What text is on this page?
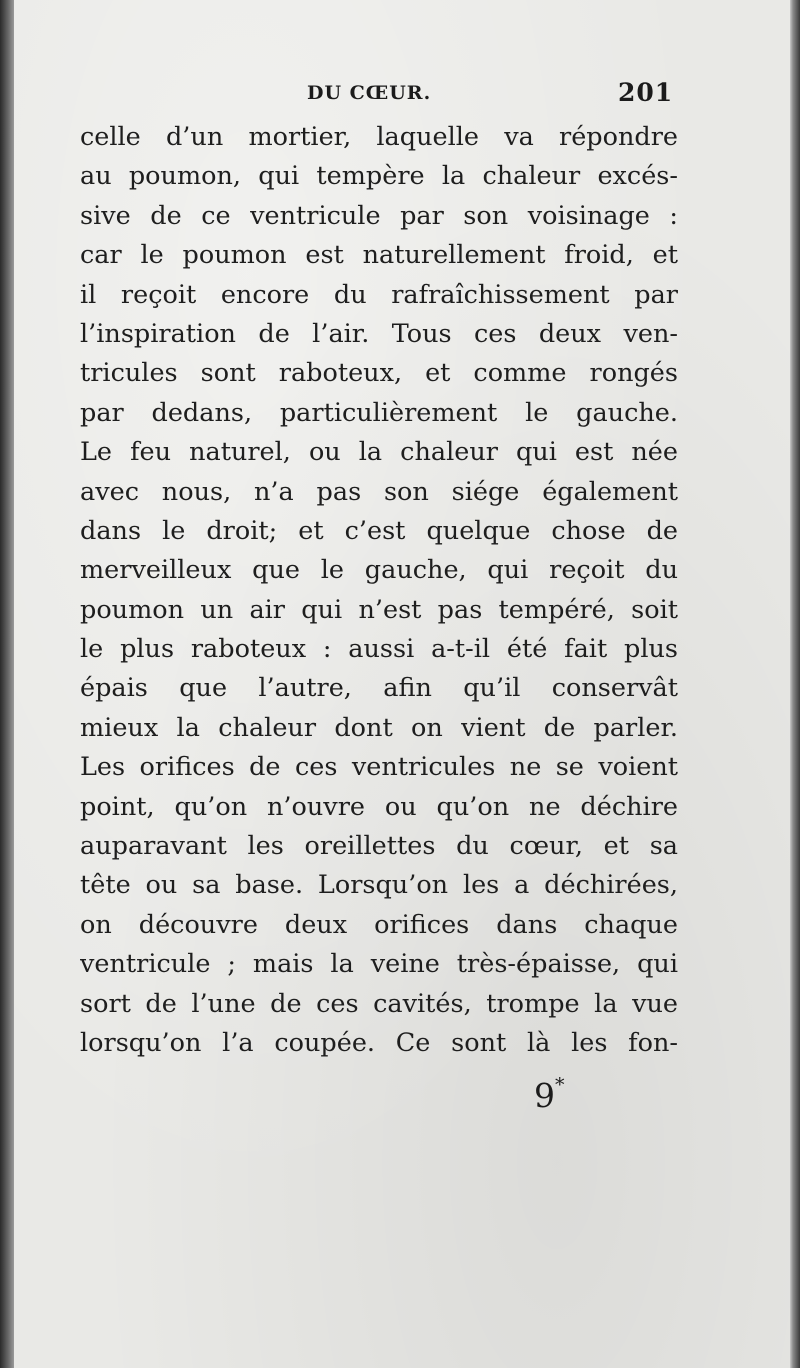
DU CŒUR.	201
celle d’un mortier, laquelle va répondre
au poumon, qui tempère la chaleur excés-
sive de ce ventricule par son voisinage :
car le poumon est naturellement froid, et
il reçoit encore du rafraîchissement par
l’inspiration de l’air. Tous ces deux ven-
tricules sont raboteux, et comme rongés
par dedans, particulièrement le gauche.
Le feu naturel, ou la chaleur qui est née
avec nous, n’a pas son siége également
dans le droit; et c’est quelque chose de
merveilleux que le gauche, qui reçoit du
poumon un air qui n’est pas tempéré, soit
le plus raboteux : aussi a-t-il été fait plus
épais que l’autre, afin qu’il conservât
mieux la chaleur dont on vient de parler.
Les orifices de ces ventricules ne se voient
point, qu’on n’ouvre ou qu’on ne déchire
auparavant les oreillettes du cœur, et sa
tête ou sa base. Lorsqu’on les a déchirées,
on découvre deux orifices dans chaque
ventricule ; mais la veine très-épaisse, qui
sort de l’une de ces cavités, trompe la vue
lorsqu’on l’a coupée. Ce sont là les fon-
9*
